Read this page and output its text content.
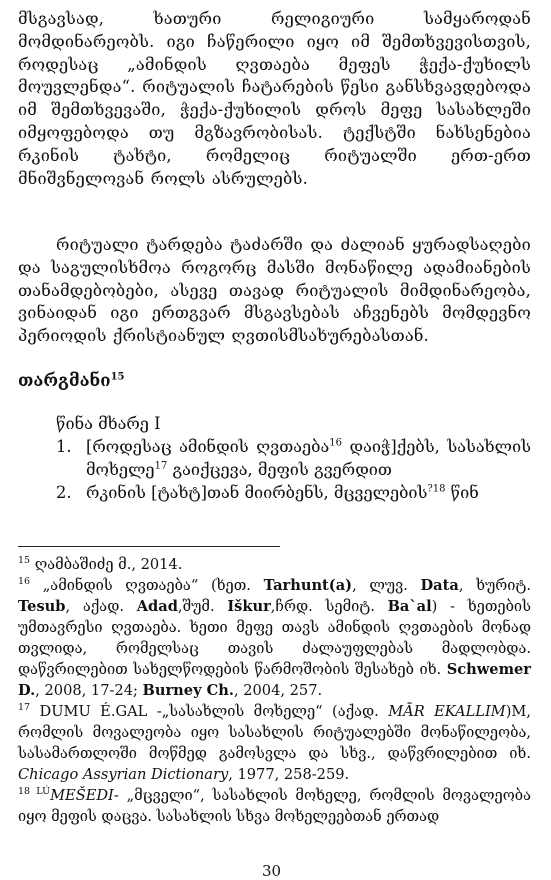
მსგავსად, ხათური რელიგიური სამყაროდან მომდინარეობს. იგი ჩაწერილი იყო იმ შემთხვევისთვის, როდესაც „ამინდის ღვთაება მეფეს ჭექა-ქუხილს მოუვლენდა“. რიტუალის ჩატარების წესი განსხვავდებოდა იმ შემთხვევაში, ჭექა-ქუხილის დროს მეფე სასახლეში იმყოფებოდა თუ მგზავრობისას. ტექსტში ნახსენებია რკინის ტახტი, რომელიც რიტუალში ერთ-ერთ მნიშვნელოვან როლს ასრულებს.

რიტუალი ტარდება ტაძარში და ძალიან ყურადსაღები და საგულისხმოა როგორც მასში მონაწილე ადამიანების თანამდებობები, ასევე თავად რიტუალის მიმდინარეობა, ვინაიდან იგი ერთგვარ მსგავსებას აჩვენებს მომდევნო პერიოდის ქრისტიანულ ღვთისმსახურებასთან.

თარგმანი$^{15}$
წინა მხარე I
1. [როდესაც ამინდის ღვთაება$^{16}$ დაიჭ]ქებს, სასახლის მოხელე$^{17}$ გაიქცევა, მეფის გვერდით
2. რკინის [ტახტ]თან მიირბენს, მცველების$^{?18}$ წინ

$^{15}$ ღამბაშიძე მ., 2014.

$^{16}$ „ამინდის ღვთაება“ (ხეთ. Tarhunt(a), ლუვ. Data, ხურიტ. Tesub, აქად. Adad,შუმ. Iškur,ჩრდ. სემიტ. Ba`al) - ხეთების უმთავრესი ღვთაება. ხეთი მეფე თავს ამინდის ღვთაების მონად თვლიდა, რომელსაც თავის ძალაუფლებას მადლობდა. დაწვრილებით სახელწოდების წარმოშობის შესახებ იხ. Schwemer D., 2008, 17-24; Burney Ch., 2004, 257.

$^{17}$ DUMU É.GAL -„სასახლის მოხელე“ (აქად. MĀR EKALLIM)M, რომლის მოვალეობა იყო სასახლის რიტუალებში მონაწილეობა, სასამართლოში მოწმედ გამოსვლა და სხვ., დაწვრილებით იხ. Chicago Assyrian Dictionary, 1977, 258-259.

$^{18 LÚ}$MEŠEDI- „მცველი“, სასახლის მოხელე, რომლის მოვალეობა იყო მეფის დაცვა. სასახლის სხვა მოხელეებთან ერთად

30
